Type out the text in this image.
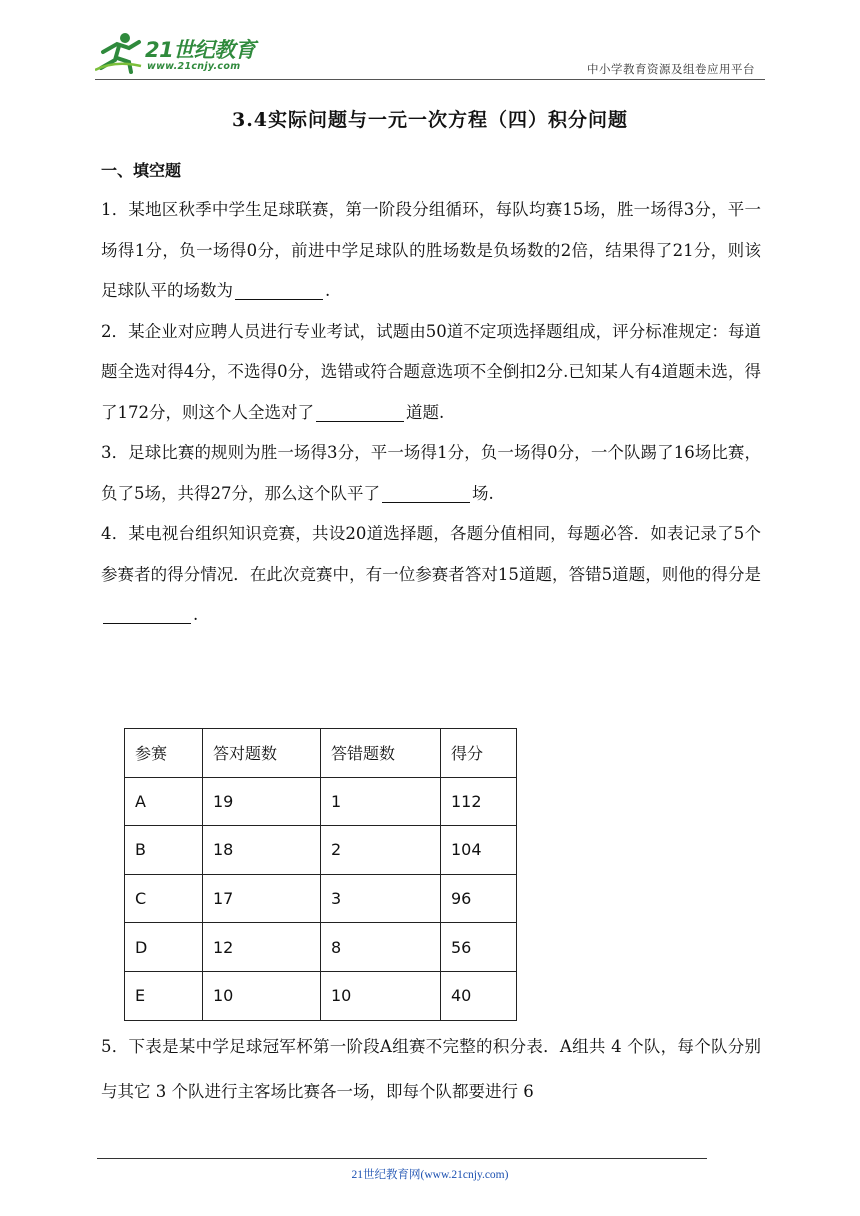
21世纪教育
www.21cnjy.com	中小学教育资源及组卷应用平台
3.4实际问题与一元一次方程（四）积分问题
一、填空题

1．某地区秋季中学生足球联赛，第一阶段分组循环，每队均赛15场，胜一场得3分，平一场得1分，负一场得0分，前进中学足球队的胜场数是负场数的2倍，结果得了21分，则该足球队平的场数为	.

2．某企业对应聘人员进行专业考试，试题由50道不定项选择题组成，评分标准规定：每道题全选对得4分，不选得0分，选错或符合题意选项不全倒扣2分.已知某人有4道题未选，得了172分，则这个人全选对了	道题.

3．足球比赛的规则为胜一场得3分，平一场得1分，负一场得0分，一个队踢了16场比赛，负了5场，共得27分，那么这个队平了	场.

4．某电视台组织知识竞赛，共设20道选择题，各题分值相同，每题必答．如表记录了5个参赛者的得分情况．在此次竞赛中，有一位参赛者答对15道题，答错5道题，则他的得分是.

参赛	答对题数	答错题数	得分
A	19	1	112
B	18	2	104
C	17	3	96
D	12	8	56
E	10	10	40
5．下表是某中学足球冠军杯第一阶段A组赛不完整的积分表．A组共 4 个队，每个队分别与其它 3 个队进行主客场比赛各一场，即每个队都要进行 6
21世纪教育网(www.21cnjy.com)
